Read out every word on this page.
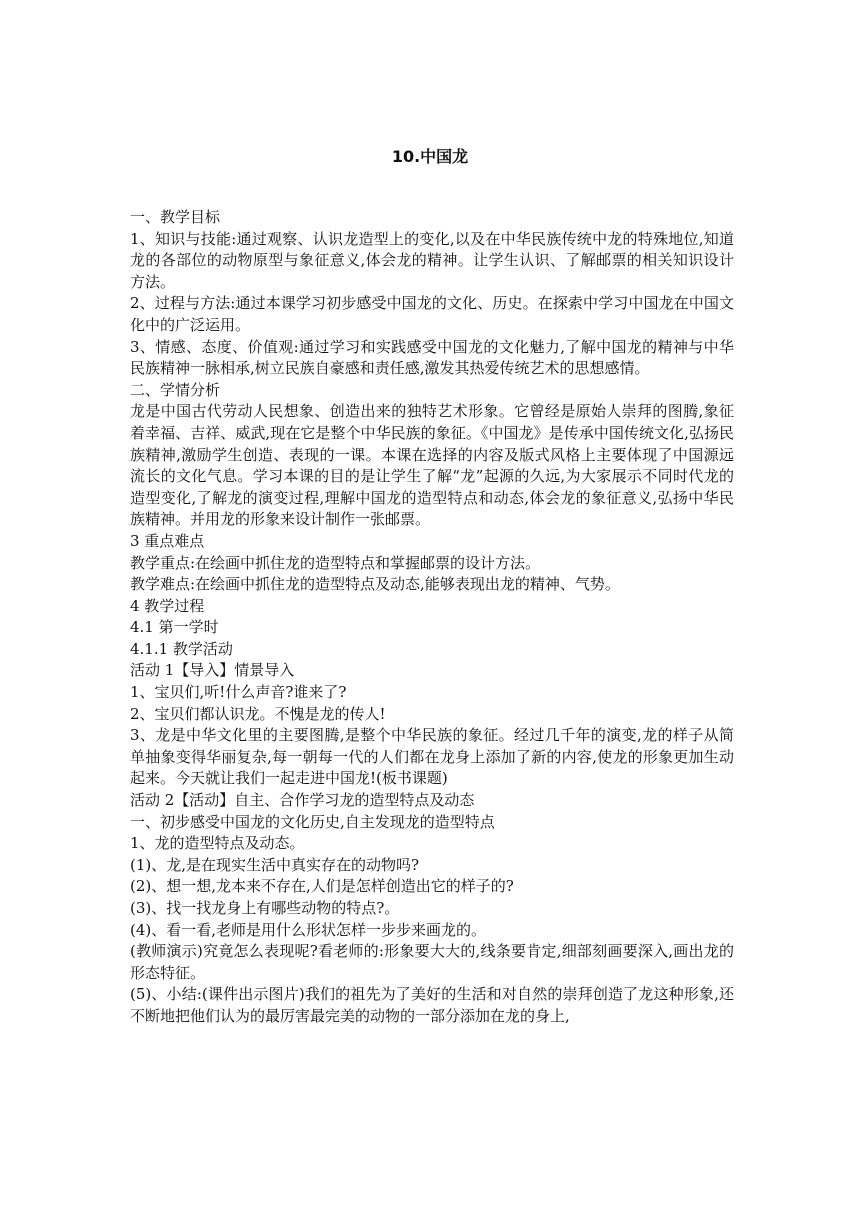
10.中国龙

一、教学目标

1、知识与技能:通过观察、认识龙造型上的变化,以及在中华民族传统中龙的特殊地位,知道龙的各部位的动物原型与象征意义,体会龙的精神。让学生认识、了解邮票的相关知识设计方法。

2、过程与方法:通过本课学习初步感受中国龙的文化、历史。在探索中学习中国龙在中国文化中的广泛运用。

3、情感、态度、价值观:通过学习和实践感受中国龙的文化魅力,了解中国龙的精神与中华民族精神一脉相承,树立民族自豪感和责任感,激发其热爱传统艺术的思想感情。

二、学情分析

龙是中国古代劳动人民想象、创造出来的独特艺术形象。它曾经是原始人崇拜的图腾,象征着幸福、吉祥、威武,现在它是整个中华民族的象征。《中国龙》是传承中国传统文化,弘扬民族精神,激励学生创造、表现的一课。本课在选择的内容及版式风格上主要体现了中国源远流长的文化气息。学习本课的目的是让学生了解“龙”起源的久远,为大家展示不同时代龙的造型变化,了解龙的演变过程,理解中国龙的造型特点和动态,体会龙的象征意义,弘扬中华民族精神。并用龙的形象来设计制作一张邮票。

3 重点难点

教学重点:在绘画中抓住龙的造型特点和掌握邮票的设计方法。

教学难点:在绘画中抓住龙的造型特点及动态,能够表现出龙的精神、气势。

4 教学过程

4.1 第一学时

4.1.1 教学活动

活动 1【导入】情景导入

1、宝贝们,听!什么声音?谁来了?

2、宝贝们都认识龙。不愧是龙的传人!

3、龙是中华文化里的主要图腾,是整个中华民族的象征。经过几千年的演变,龙的样子从简单抽象变得华丽复杂,每一朝每一代的人们都在龙身上添加了新的内容,使龙的形象更加生动起来。今天就让我们一起走进中国龙!(板书课题)

活动 2【活动】自主、合作学习龙的造型特点及动态

一、初步感受中国龙的文化历史,自主发现龙的造型特点

1、龙的造型特点及动态。

(1)、龙,是在现实生活中真实存在的动物吗?

(2)、想一想,龙本来不存在,人们是怎样创造出它的样子的?

(3)、找一找龙身上有哪些动物的特点?。

(4)、看一看,老师是用什么形状怎样一步步来画龙的。

(教师演示)究竟怎么表现呢?看老师的:形象要大大的,线条要肯定,细部刻画要深入,画出龙的形态特征。

(5)、小结:(课件出示图片)我们的祖先为了美好的生活和对自然的崇拜创造了龙这种形象,还不断地把他们认为的最厉害最完美的动物的一部分添加在龙的身上,
